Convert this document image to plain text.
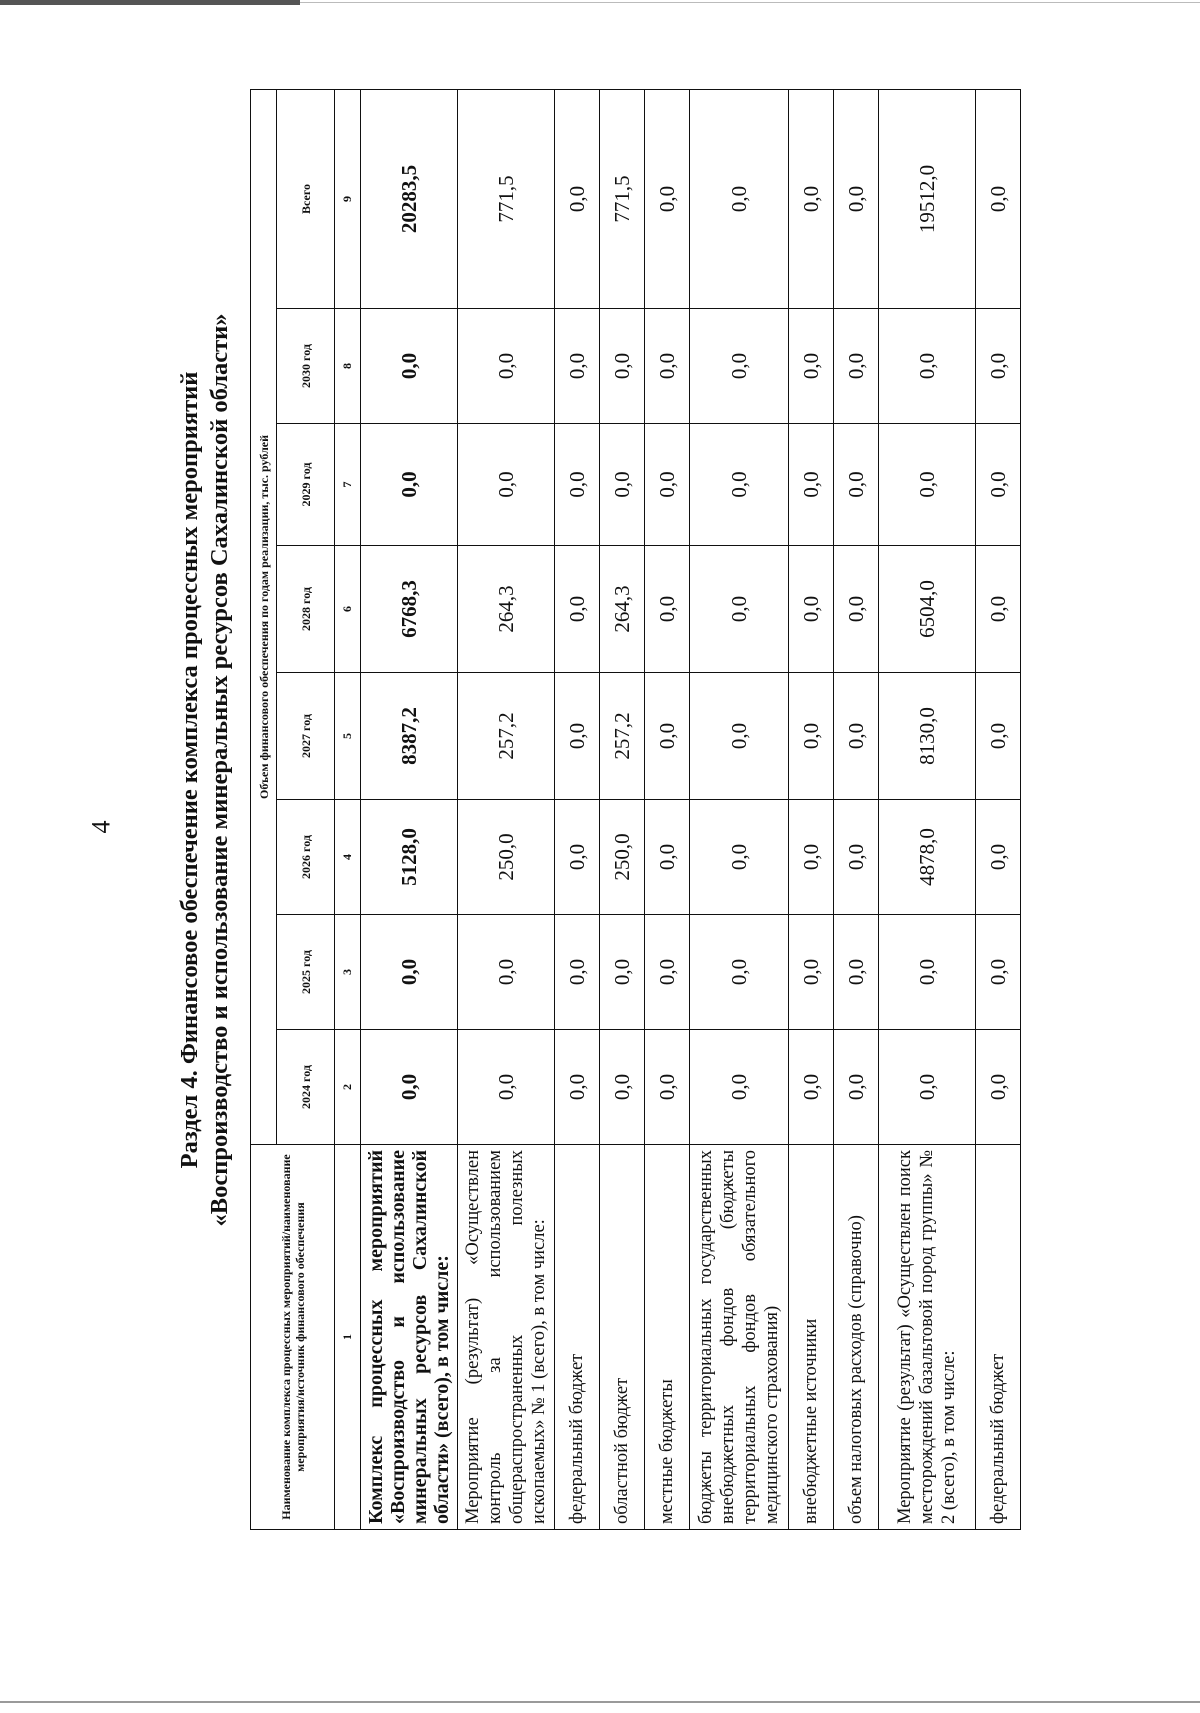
4 Раздел 4. Финансовое обеспечение комплекса процессных мероприятий «Воспроизводство и использование минеральных ресурсов Сахалинской области»
Наименование комплекса процессных мероприятий/наименование мероприятия/источник финансового обеспечения	Объем финансового обеспечения по годам реализации, тыс. рублей							
	2024 год	2025 год	2026 год	2027 год	2028 год	2029 год	2030 год	Всего
1	2	3	4	5	6	7	8	9
Комплекс процессных мероприятий «Воспроизводство и использование минеральных ресурсов Сахалинской области» (всего), в том числе:	0,0	0,0	5128,0	8387,2	6768,3	0,0	0,0	20283,5
Мероприятие (результат) «Осуществлен контроль за использованием общераспространенных полезных ископаемых» № 1 (всего), в том числе:	0,0	0,0	250,0	257,2	264,3	0,0	0,0	771,5
федеральный бюджет	0,0	0,0	0,0	0,0	0,0	0,0	0,0	0,0
областной бюджет	0,0	0,0	250,0	257,2	264,3	0,0	0,0	771,5
местные бюджеты	0,0	0,0	0,0	0,0	0,0	0,0	0,0	0,0
бюджеты территориальных государственных внебюджетных фондов (бюджеты территориальных фондов обязательного медицинского страхования)	0,0	0,0	0,0	0,0	0,0	0,0	0,0	0,0
внебюджетные источники	0,0	0,0	0,0	0,0	0,0	0,0	0,0	0,0
объем налоговых расходов (справочно)	0,0	0,0	0,0	0,0	0,0	0,0	0,0	0,0
Мероприятие (результат) «Осуществлен поиск месторождений базальтовой пород группы» № 2 (всего), в том числе:	0,0	0,0	4878,0	8130,0	6504,0	0,0	0,0	19512,0
федеральный бюджет	0,0	0,0	0,0	0,0	0,0	0,0	0,0	0,0
